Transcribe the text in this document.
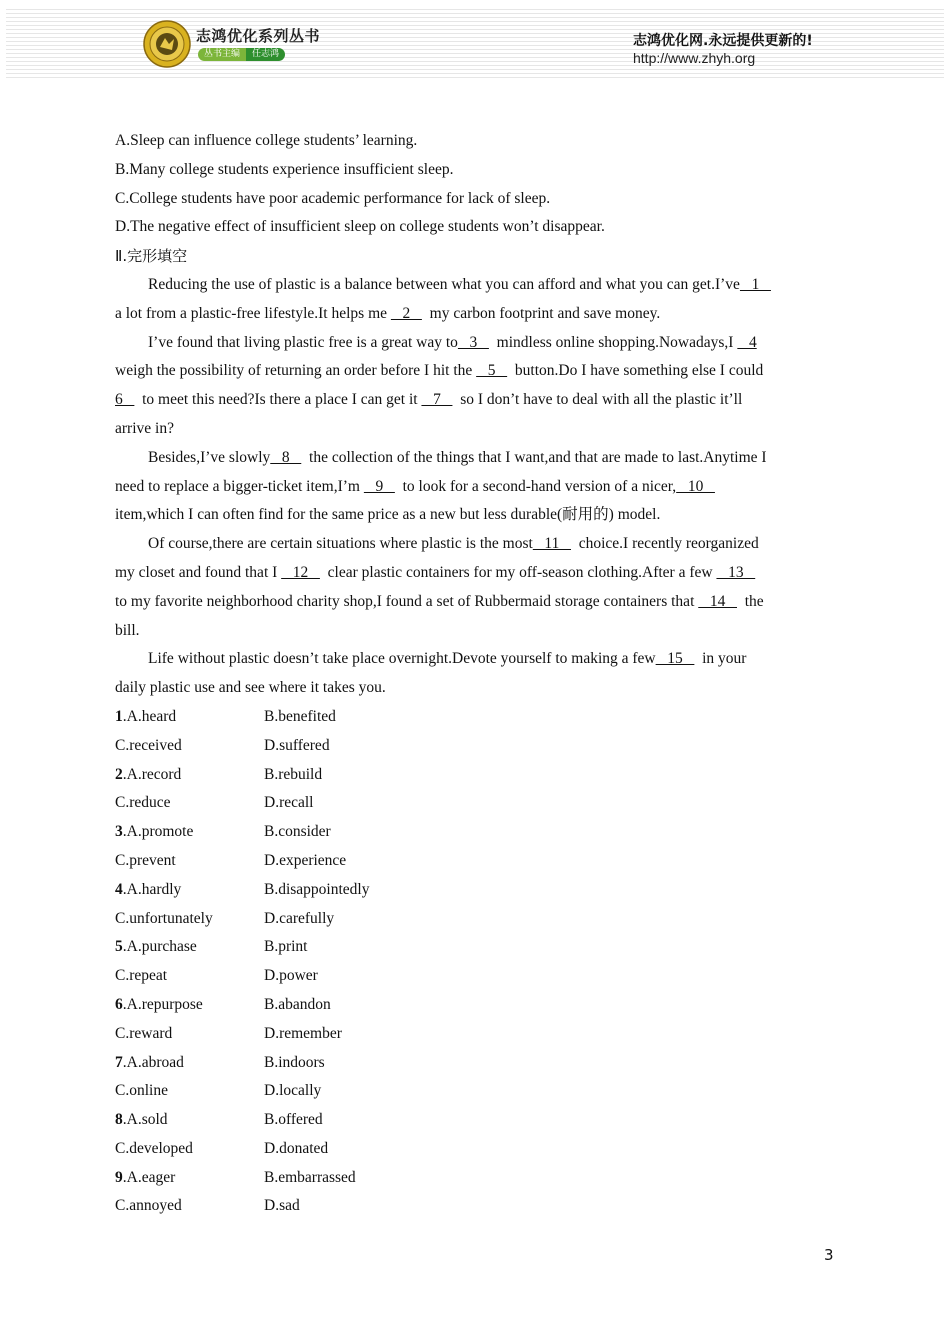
志鸿优化系列丛书
丛书主编	任志鸿
志鸿优化网.永远提供更新的!
http://www.zhyh.org
A.Sleep can influence college students’ learning.
B.Many college students experience insufficient sleep.
C.College students have poor academic performance for lack of sleep.
D.The negative effect of insufficient sleep on college students won’t disappear.
Ⅱ.完形填空
Reducing the use of plastic is a balance between what you can afford and what you can get.I’ve   1
a lot from a plastic-free lifestyle.It helps me    2     my carbon footprint and save money.
I’ve found that living plastic free is a great way to   3     mindless online shopping.Nowadays,I    4
weigh the possibility of returning an order before I hit the    5     button.Do I have something else I could
6     to meet this need?Is there a place I can get it    7     so I don’t have to deal with all the plastic it’ll
arrive in?
Besides,I’ve slowly   8     the collection of the things that I want,and that are made to last.Anytime I
need to replace a bigger-ticket item,I’m    9     to look for a second-hand version of a nicer,   10
item,which I can often find for the same price as a new but less durable(耐用的) model.
Of course,there are certain situations where plastic is the most   11     choice.I recently reorganized
my closet and found that I    12     clear plastic containers for my off-season clothing.After a few    13
to my favorite neighborhood charity shop,I found a set of Rubbermaid storage containers that    14     the
bill.
Life without plastic doesn’t take place overnight.Devote yourself to making a few   15     in your
daily plastic use and see where it takes you.
1.A.heard	B.benefited
C.received	D.suffered
2.A.record	B.rebuild
C.reduce	D.recall
3.A.promote	B.consider
C.prevent	D.experience
4.A.hardly	B.disappointedly
C.unfortunately	D.carefully
5.A.purchase	B.print
C.repeat	D.power
6.A.repurpose	B.abandon
C.reward	D.remember
7.A.abroad	B.indoors
C.online	D.locally
8.A.sold	B.offered
C.developed	D.donated
9.A.eager	B.embarrassed
C.annoyed	D.sad
3
